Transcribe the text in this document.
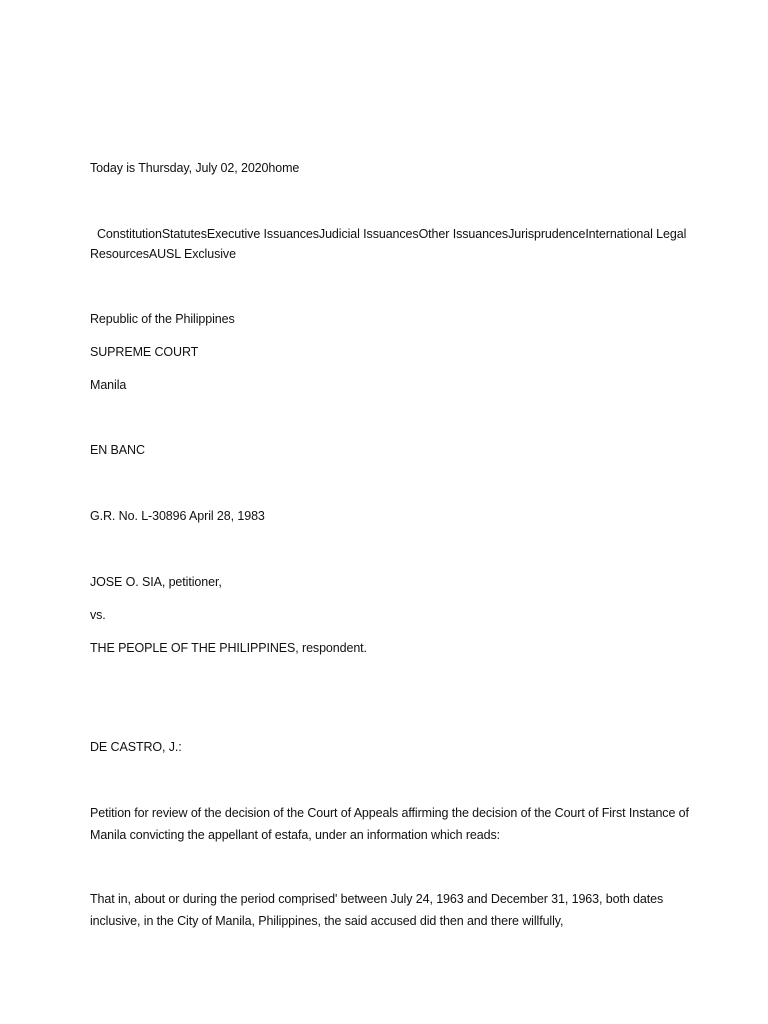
Today is Thursday, July 02, 2020home
ConstitutionStatutesExecutive IssuancesJudicial IssuancesOther IssuancesJurisprudenceInternational Legal ResourcesAUSL Exclusive
Republic of the Philippines
SUPREME COURT
Manila
EN BANC
G.R. No. L-30896 April 28, 1983
JOSE O. SIA, petitioner,
vs.
THE PEOPLE OF THE PHILIPPINES, respondent.
DE CASTRO, J.:
Petition for review of the decision of the Court of Appeals affirming the decision of the Court of First Instance of Manila convicting the appellant of estafa, under an information which reads:
That in, about or during the period comprised' between July 24, 1963 and December 31, 1963, both dates inclusive, in the City of Manila, Philippines, the said accused did then and there willfully,
